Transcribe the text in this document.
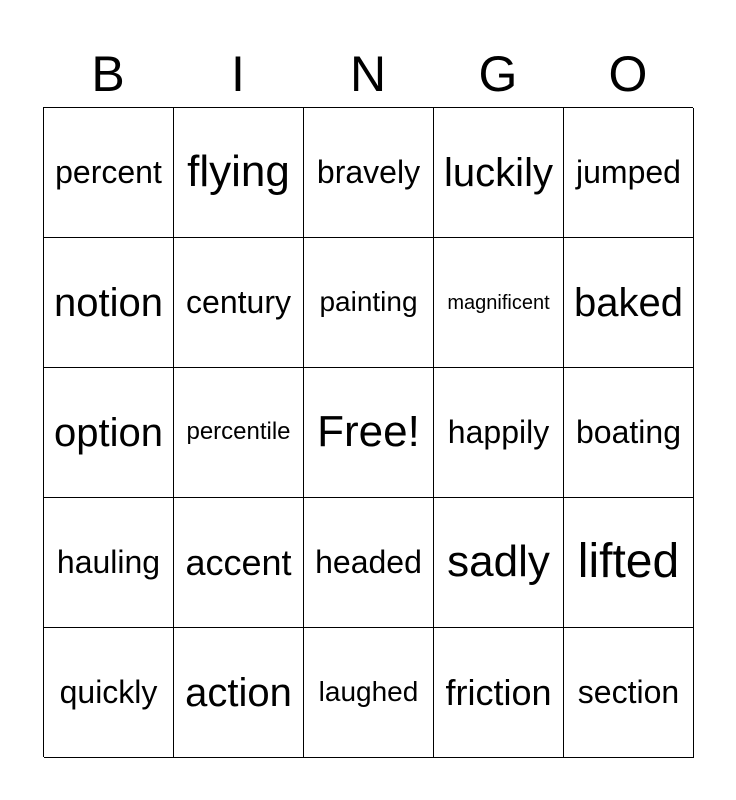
B	I	N	G	O
percent flying bravely luckily jumped
notion century	painting	magnificent baked
option percentile Free! happily boating
hauling accent headed sadly lifted
quickly action laughed friction section
